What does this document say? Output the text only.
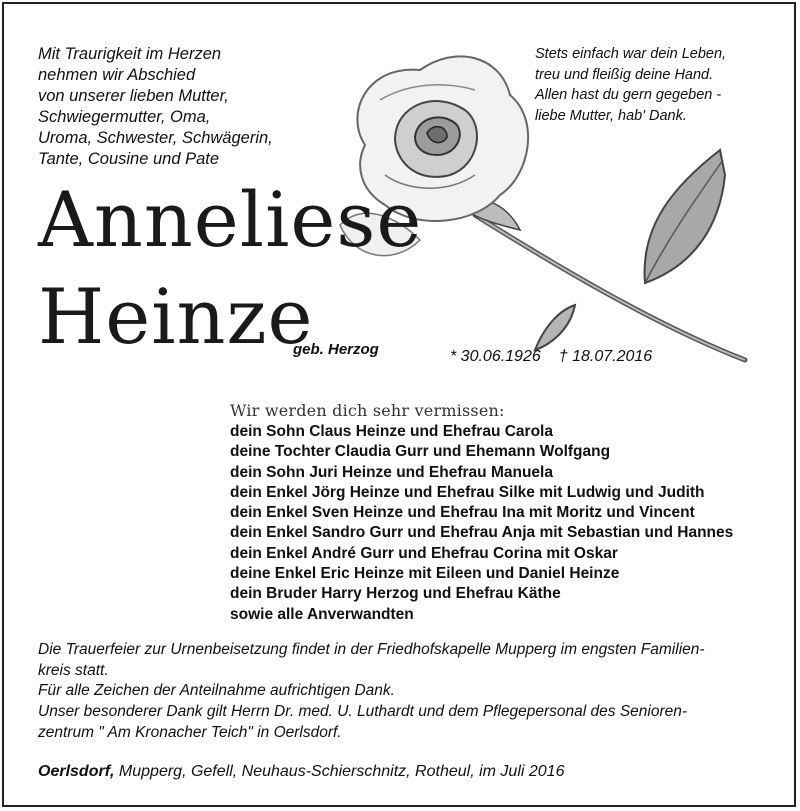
Mit Traurigkeit im Herzen
nehmen wir Abschied
von unserer lieben Mutter,
Schwiegermutter, Oma,
Uroma, Schwester, Schwägerin,
Tante, Cousine und Pate
Stets einfach war dein Leben,
treu und fleißig deine Hand.
Allen hast du gern gegeben -
liebe Mutter, hab' Dank.
Anneliese
Heinze
geb. Herzog	* 30.06.1926 † 18.07.2016
Wir werden dich sehr vermissen:
dein Sohn Claus Heinze und Ehefrau Carola
deine Tochter Claudia Gurr und Ehemann Wolfgang
dein Sohn Juri Heinze und Ehefrau Manuela
dein Enkel Jörg Heinze und Ehefrau Silke mit Ludwig und Judith
dein Enkel Sven Heinze und Ehefrau Ina mit Moritz und Vincent
dein Enkel Sandro Gurr und Ehefrau Anja mit Sebastian und Hannes
dein Enkel André Gurr und Ehefrau Corina mit Oskar
deine Enkel Eric Heinze mit Eileen und Daniel Heinze
dein Bruder Harry Herzog und Ehefrau Käthe
sowie alle Anverwandten
Die Trauerfeier zur Urnenbeisetzung findet in der Friedhofskapelle Mupperg im engsten Familien-
kreis statt.
Für alle Zeichen der Anteilnahme aufrichtigen Dank.
Unser besonderer Dank gilt Herrn Dr. med. U. Luthardt und dem Pflegepersonal des Senioren-
zentrum " Am Kronacher Teich" in Oerlsdorf.
Oerlsdorf, Mupperg, Gefell, Neuhaus-Schierschnitz, Rotheul, im Juli 2016
